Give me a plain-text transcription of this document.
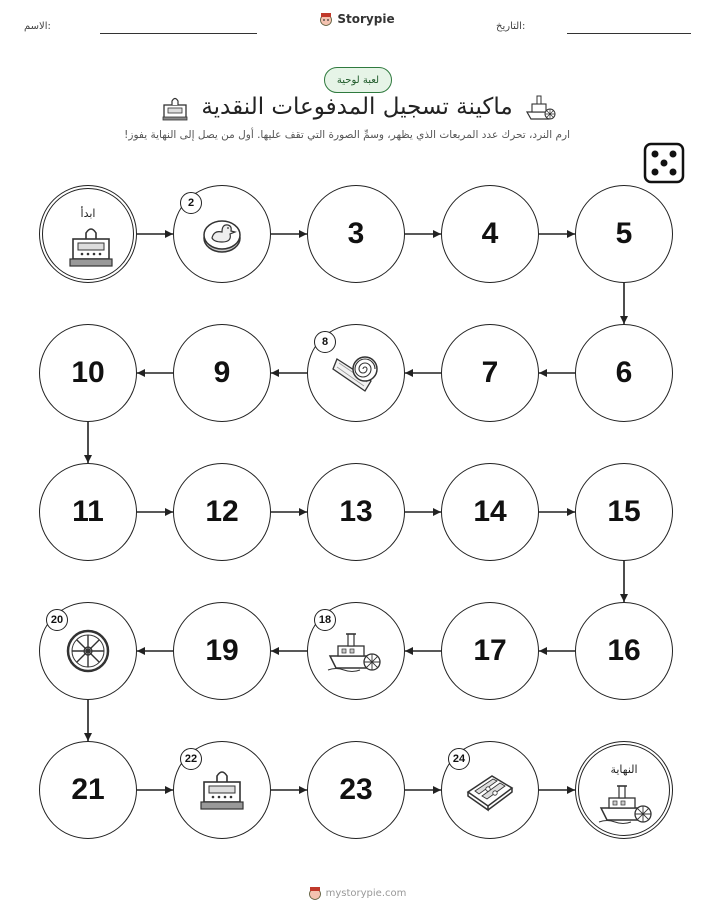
الاسم:	التاريخ:
Storypie
لعبة لوحية
ماكينة تسجيل المدفوعات النقدية
ارم النرد، تحرك عدد المربعات الذي يظهر، وسمِّ الصورة التي تقف عليها. أول من يصل إلى النهاية يفوز!
ابدأ
2
3	4	5
6
7
8
9
10
11	12	13	14	15
16
17
18
19
20
21
22
23
24
النهاية
mystorypie.com
